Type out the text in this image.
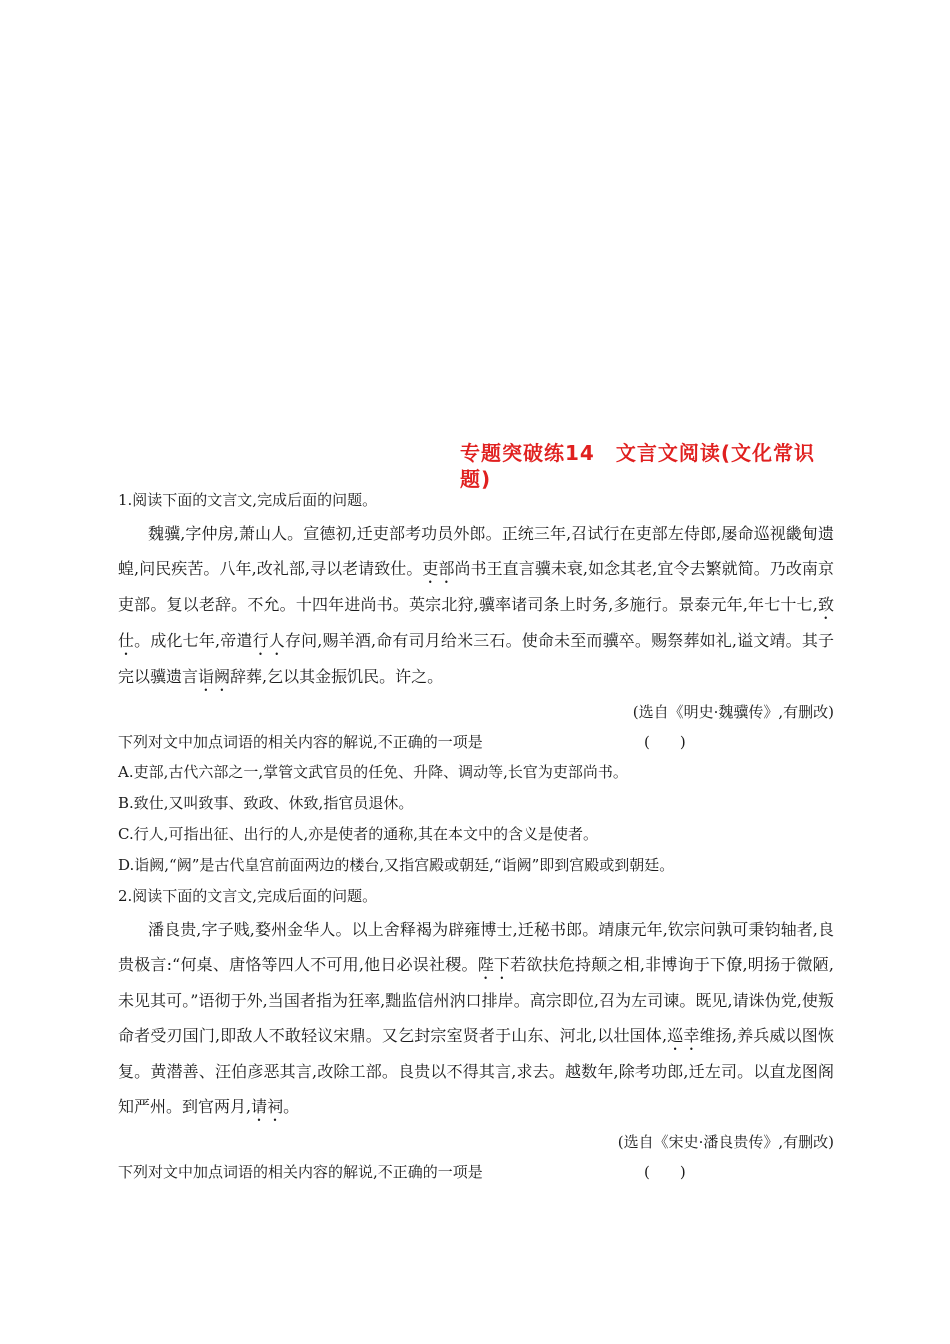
专题突破练14　文言文阅读(文化常识题)

1.阅读下面的文言文,完成后面的问题。

魏骥,字仲房,萧山人。宣德初,迁吏部考功员外郎。正统三年,召试行在吏部左侍郎,屡命巡视畿甸遗蝗,问民疾苦。八年,改礼部,寻以老请致仕。吏部尚书王直言骥未衰,如念其老,宜令去繁就简。乃改南京吏部。复以老辞。不允。十四年进尚书。英宗北狩,骥率诸司条上时务,多施行。景泰元年,年七十七,致仕。成化七年,帝遣行人存问,赐羊酒,命有司月给米三石。使命未至而骥卒。赐祭葬如礼,谥文靖。其子完以骥遗言诣阙辞葬,乞以其金振饥民。许之。

(选自《明史·魏骥传》,有删改)

下列对文中加点词语的相关内容的解说,不正确的一项是	(　　)

A.吏部,古代六部之一,掌管文武官员的任免、升降、调动等,长官为吏部尚书。

B.致仕,又叫致事、致政、休致,指官员退休。

C.行人,可指出征、出行的人,亦是使者的通称,其在本文中的含义是使者。

D.诣阙,“阙”是古代皇宫前面两边的楼台,又指宫殿或朝廷,“诣阙”即到宫殿或到朝廷。

2.阅读下面的文言文,完成后面的问题。

潘良贵,字子贱,婺州金华人。以上舍释褐为辟雍博士,迁秘书郎。靖康元年,钦宗问孰可秉钧轴者,良贵极言:“何桌、唐恪等四人不可用,他日必误社稷。陛下若欲扶危持颠之相,非博询于下僚,明扬于微陋,未见其可。”语彻于外,当国者指为狂率,黜监信州汭口排岸。高宗即位,召为左司谏。既见,请诛伪党,使叛命者受刃国门,即敌人不敢轻议宋鼎。又乞封宗室贤者于山东、河北,以壮国体,巡幸维扬,养兵威以图恢复。黄潜善、汪伯彦恶其言,改除工部。良贵以不得其言,求去。越数年,除考功郎,迁左司。以直龙图阁知严州。到官两月,请祠。

(选自《宋史·潘良贵传》,有删改)

下列对文中加点词语的相关内容的解说,不正确的一项是	(　　)
